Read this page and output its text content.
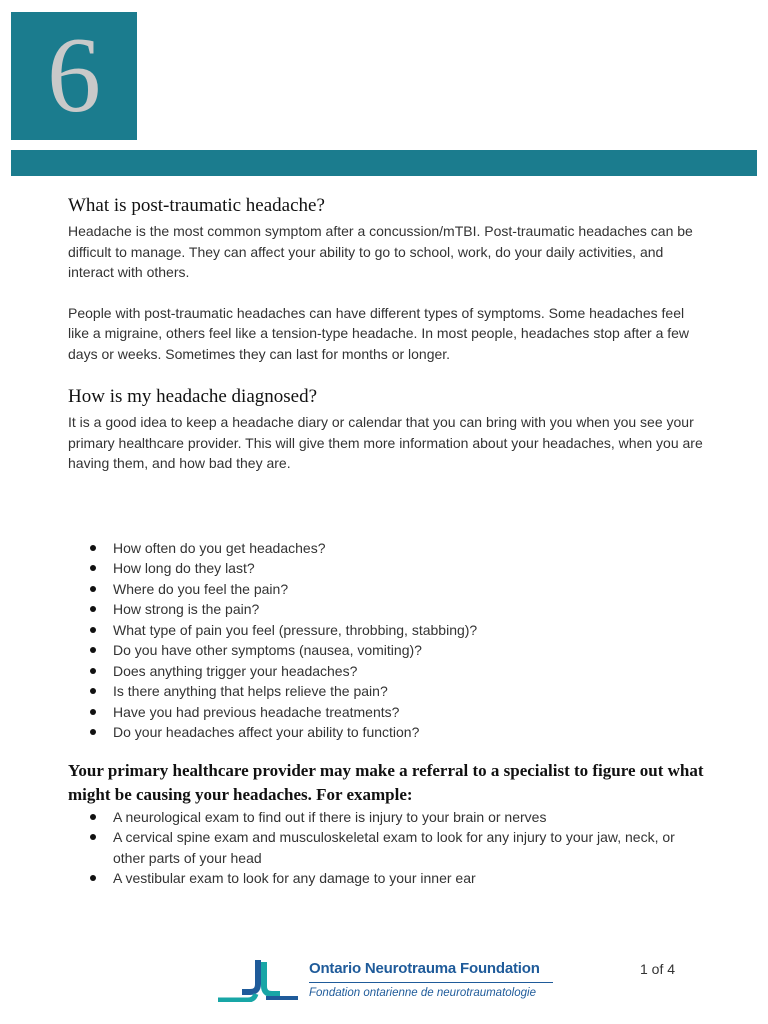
6
What is post-traumatic headache?

Headache is the most common symptom after a concussion/mTBI. Post-traumatic headaches can be difficult to manage. They can affect your ability to go to school, work, do your daily activities, and interact with others.

People with post-traumatic headaches can have different types of symptoms. Some headaches feel like a migraine, others feel like a tension-type headache. In most people, headaches stop after a few days or weeks. Sometimes they can last for months or longer.

How is my headache diagnosed?

It is a good idea to keep a headache diary or calendar that you can bring with you when you see your primary healthcare provider. This will give them more information about your headaches, when you are having them, and how bad they are.

How often do you get headaches?
How long do they last?
Where do you feel the pain?
How strong is the pain?
What type of pain you feel (pressure, throbbing, stabbing)?
Do you have other symptoms (nausea, vomiting)?
Does anything trigger your headaches?
Is there anything that helps relieve the pain?
Have you had previous headache treatments?
Do your headaches affect your ability to function?
Your primary healthcare provider may make a referral to a specialist to figure out what might be causing your headaches. For example:
A neurological exam to find out if there is injury to your brain or nerves
A cervical spine exam and musculoskeletal exam to look for any injury to your jaw, neck, or other parts of your head
A vestibular exam to look for any damage to your inner ear
Ontario Neurotrauma Foundation
Fondation ontarienne de neurotraumatologie
1 of 4
